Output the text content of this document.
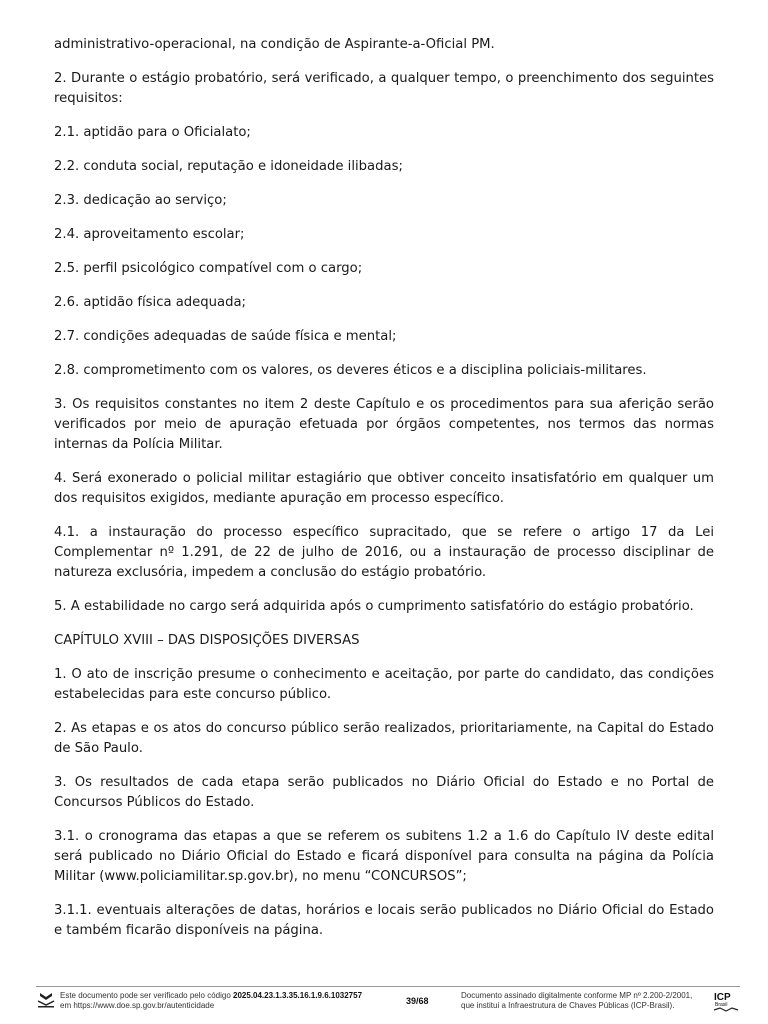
administrativo-operacional, na condição de Aspirante-a-Oficial PM.

2. Durante o estágio probatório, será verificado, a qualquer tempo, o preenchimento dos seguintes requisitos:

2.1. aptidão para o Oficialato;

2.2. conduta social, reputação e idoneidade ilibadas;

2.3. dedicação ao serviço;

2.4. aproveitamento escolar;

2.5. perfil psicológico compatível com o cargo;

2.6. aptidão física adequada;

2.7. condições adequadas de saúde física e mental;

2.8. comprometimento com os valores, os deveres éticos e a disciplina policiais-militares.

3. Os requisitos constantes no item 2 deste Capítulo e os procedimentos para sua aferição serão verificados por meio de apuração efetuada por órgãos competentes, nos termos das normas internas da Polícia Militar.

4. Será exonerado o policial militar estagiário que obtiver conceito insatisfatório em qualquer um dos requisitos exigidos, mediante apuração em processo específico.

4.1. a instauração do processo específico supracitado, que se refere o artigo 17 da Lei Complementar nº 1.291, de 22 de julho de 2016, ou a instauração de processo disciplinar de natureza exclusória, impedem a conclusão do estágio probatório.

5. A estabilidade no cargo será adquirida após o cumprimento satisfatório do estágio probatório.

CAPÍTULO XVIII – DAS DISPOSIÇÕES DIVERSAS

1. O ato de inscrição presume o conhecimento e aceitação, por parte do candidato, das condições estabelecidas para este concurso público.

2. As etapas e os atos do concurso público serão realizados, prioritariamente, na Capital do Estado de São Paulo.

3. Os resultados de cada etapa serão publicados no Diário Oficial do Estado e no Portal de Concursos Públicos do Estado.

3.1. o cronograma das etapas a que se referem os subitens 1.2 a 1.6 do Capítulo IV deste edital será publicado no Diário Oficial do Estado e ficará disponível para consulta na página da Polícia Militar (www.policiamilitar.sp.gov.br), no menu “CONCURSOS”;

3.1.1. eventuais alterações de datas, horários e locais serão publicados no Diário Oficial do Estado e também ficarão disponíveis na página.

Este documento pode ser verificado pelo código 2025.04.23.1.3.35.16.1.9.6.1032757
em https://www.doe.sp.gov.br/autenticidade	39/68
Documento assinado digitalmente conforme MP nº 2.200-2/2001,
que institui a Infraestrutura de Chaves Públicas (ICP-Brasil).
ICP
Brasil
